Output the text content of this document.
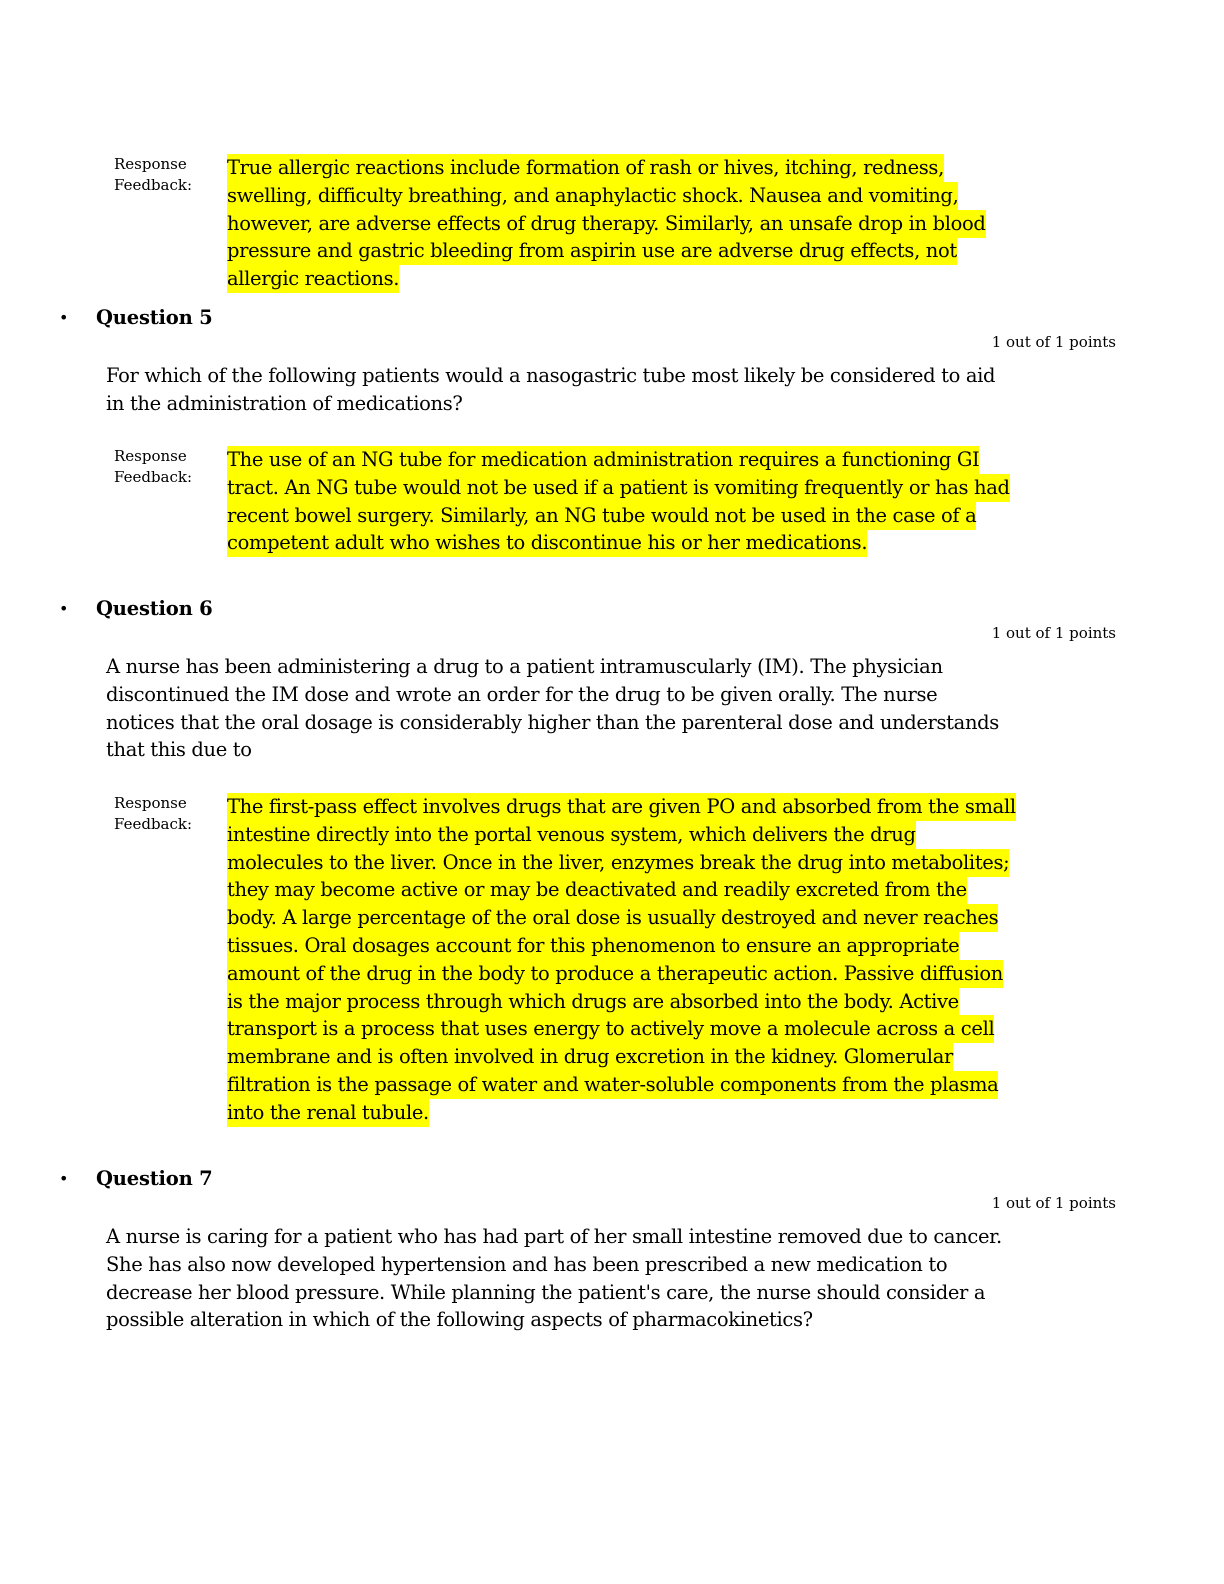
Response
Feedback:
True allergic reactions include formation of rash or hives, itching, redness, swelling, difficulty breathing, and anaphylactic shock. Nausea and vomiting, however, are adverse effects of drug therapy. Similarly, an unsafe drop in blood pressure and gastric bleeding from aspirin use are adverse drug effects, not allergic reactions.
• Question 5
1 out of 1 points
For which of the following patients would a nasogastric tube most likely be considered to aid in the administration of medications?
Response
Feedback:
The use of an NG tube for medication administration requires a functioning GI tract. An NG tube would not be used if a patient is vomiting frequently or has had recent bowel surgery. Similarly, an NG tube would not be used in the case of a competent adult who wishes to discontinue his or her medications.
• Question 6
1 out of 1 points
A nurse has been administering a drug to a patient intramuscularly (IM). The physician discontinued the IM dose and wrote an order for the drug to be given orally. The nurse notices that the oral dosage is considerably higher than the parenteral dose and understands that this due to
Response
Feedback:
The first-pass effect involves drugs that are given PO and absorbed from the small intestine directly into the portal venous system, which delivers the drug molecules to the liver. Once in the liver, enzymes break the drug into metabolites; they may become active or may be deactivated and readily excreted from the body. A large percentage of the oral dose is usually destroyed and never reaches tissues. Oral dosages account for this phenomenon to ensure an appropriate amount of the drug in the body to produce a therapeutic action. Passive diffusion is the major process through which drugs are absorbed into the body. Active transport is a process that uses energy to actively move a molecule across a cell membrane and is often involved in drug excretion in the kidney. Glomerular filtration is the passage of water and water-soluble components from the plasma into the renal tubule.
• Question 7
1 out of 1 points
A nurse is caring for a patient who has had part of her small intestine removed due to cancer. She has also now developed hypertension and has been prescribed a new medication to decrease her blood pressure. While planning the patient's care, the nurse should consider a possible alteration in which of the following aspects of pharmacokinetics?
